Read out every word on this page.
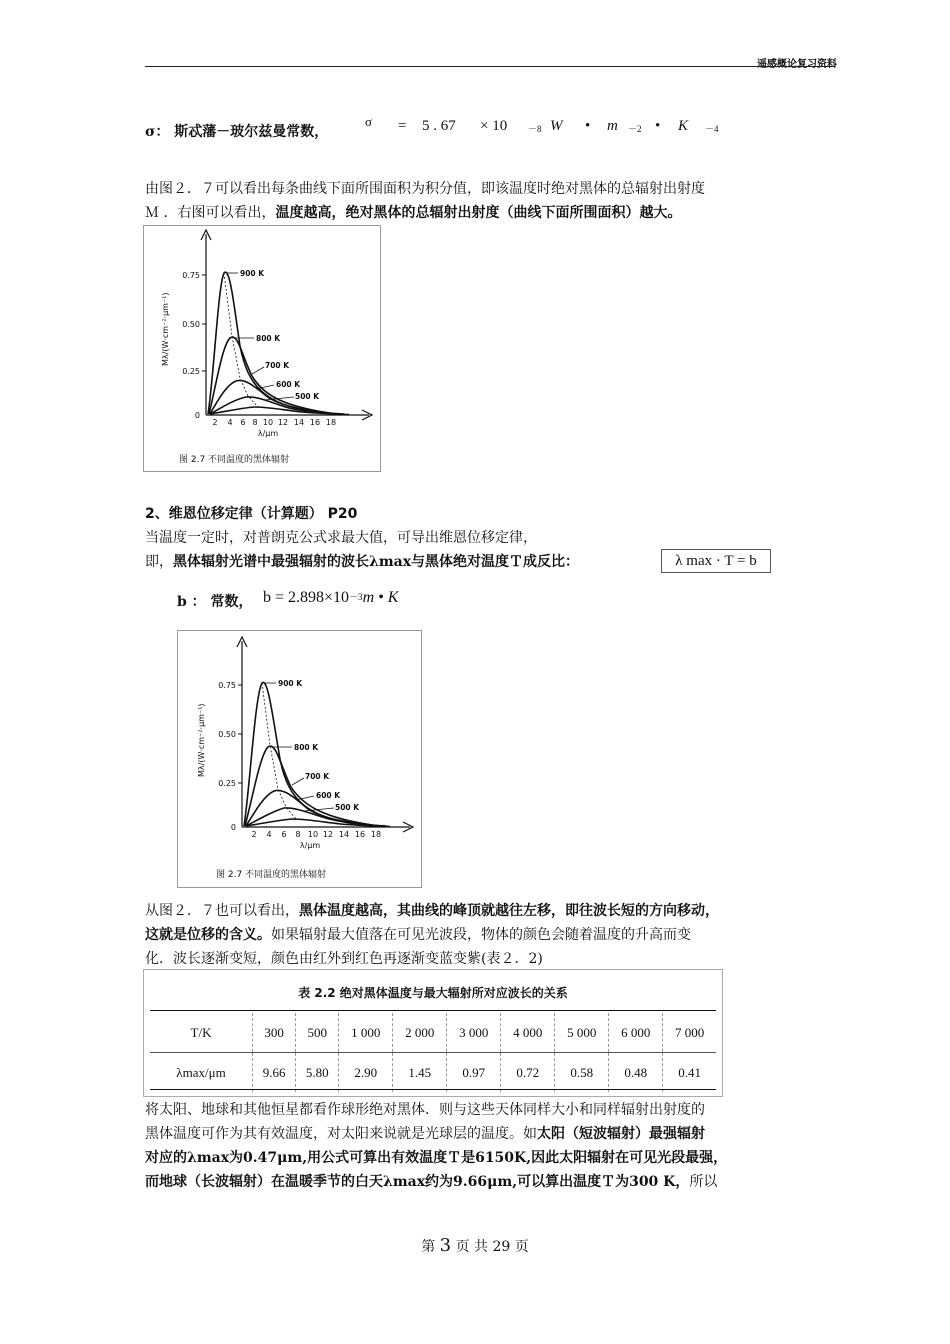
遥感概论复习资料
σ： 斯忒藩－玻尔兹曼常数，
σ = 5 . 67 × 10 －8 W • m －2 • K －4
由图２．７可以看出每条曲线下面所围面积为积分值，即该温度时绝对黑体的总辐射出射度
Ｍ ．右图可以看出，温度越高，绝对黑体的总辐射出射度（曲线下面所围面积）越大。
0.75
0.50
0.25
0
2 4 6 8 10 12 14 16 18
λ/μm
Mλ/(W·cm⁻²·μm⁻¹)
900 K
800 K
700 K
600 K
500 K
图 2.7 不同温度的黑体辐射
2、维恩位移定律（计算题） P20
当温度一定时，对普朗克公式求最大值，可导出维恩位移定律，
即，黑体辐射光谱中最强辐射的波长λmax与黑体绝对温度Ｔ成反比：	λ max · T = b
b ： 常数， b = 2.898×10－3m • K
0.75
0.50
0.25
0
2 4 6 8 10 12 14 16 18
λ/μm
Mλ/(W·cm⁻²·μm⁻¹)
900 K
800 K
700 K
600 K
500 K
图 2.7 不同温度的黑体辐射
从图２．７也可以看出，黑体温度越高，其曲线的峰顶就越往左移，即往波长短的方向移动，
这就是位移的含义。如果辐射最大值落在可见光波段，物体的颜色会随着温度的升高而变
化．波长逐渐变短，颜色由红外到红色再逐渐变蓝变紫(表２．2)
表 2.2 绝对黑体温度与最大辐射所对应波长的关系
T/K	300	500	1 000	2 000	3 000	4 000	5 000	6 000	7 000
λmax/μm	9.66	5.80	2.90	1.45	0.97	0.72	0.58	0.48	0.41
将太阳、地球和其他恒星都看作球形绝对黑体．则与这些天体同样大小和同样辐射出射度的
黑体温度可作为其有效温度，对太阳来说就是光球层的温度。如太阳（短波辐射）最强辐射
对应的λmax为0.47μm,用公式可算出有效温度Ｔ是6150K,因此太阳辐射在可见光段最强，
而地球（长波辐射）在温暖季节的白天λmax约为9.66μm,可以算出温度Ｔ为300 K，所以
第 3 页 共 29 页
